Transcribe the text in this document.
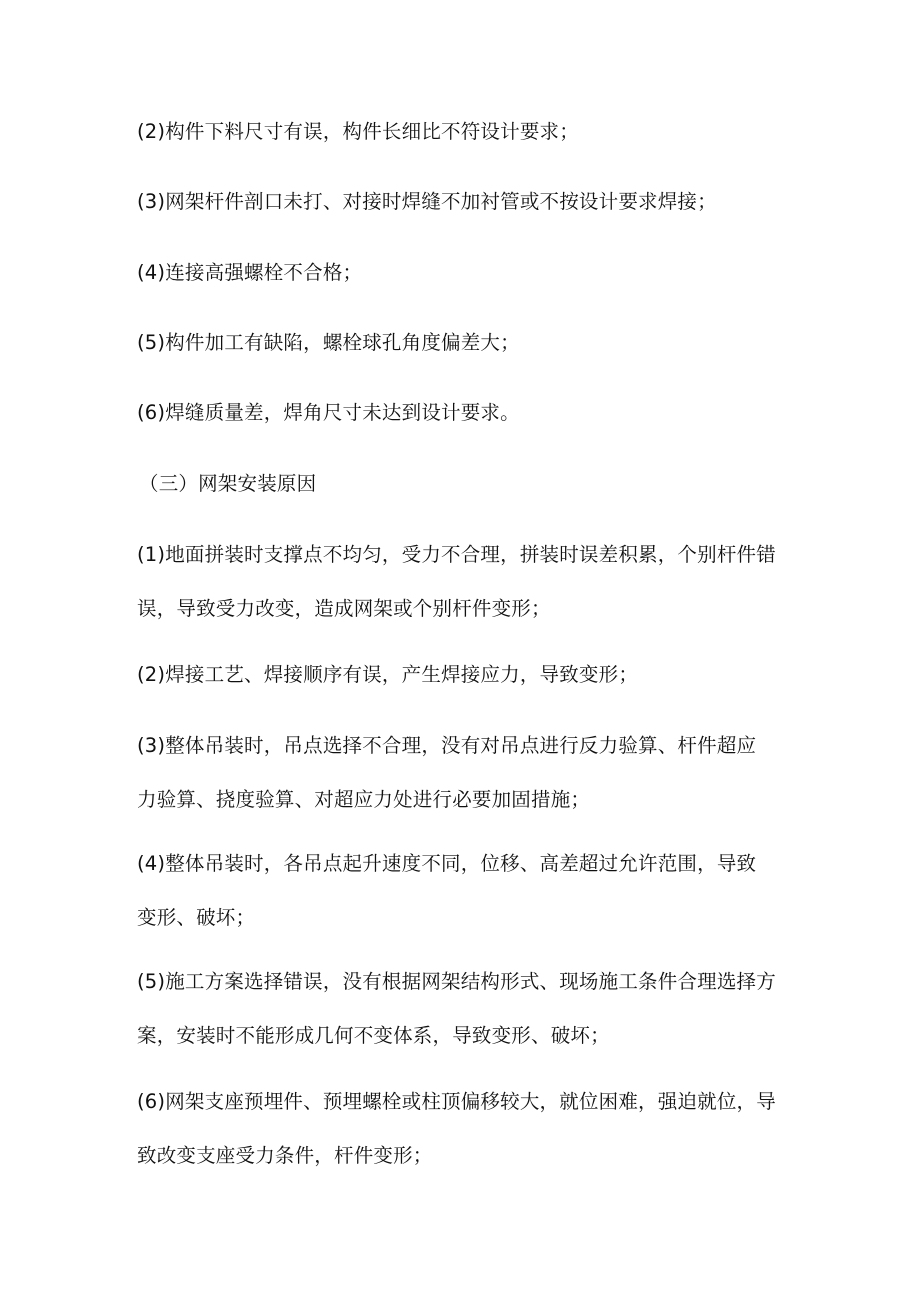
(2)构件下料尺寸有误，构件长细比不符设计要求；

(3)网架杆件剖口未打、对接时焊缝不加衬管或不按设计要求焊接；

(4)连接高强螺栓不合格；

(5)构件加工有缺陷，螺栓球孔角度偏差大；

(6)焊缝质量差，焊角尺寸未达到设计要求。

（三）网架安装原因

(1)地面拼装时支撑点不均匀，受力不合理，拼装时误差积累，个别杆件错
误，导致受力改变，造成网架或个别杆件变形；

(2)焊接工艺、焊接顺序有误，产生焊接应力，导致变形；

(3)整体吊装时，吊点选择不合理，没有对吊点进行反力验算、杆件超应
力验算、挠度验算、对超应力处进行必要加固措施；

(4)整体吊装时，各吊点起升速度不同，位移、高差超过允许范围，导致
变形、破坏；

(5)施工方案选择错误，没有根据网架结构形式、现场施工条件合理选择方
案，安装时不能形成几何不变体系，导致变形、破坏；

(6)网架支座预埋件、预埋螺栓或柱顶偏移较大，就位困难，强迫就位，导
致改变支座受力条件，杆件变形；
